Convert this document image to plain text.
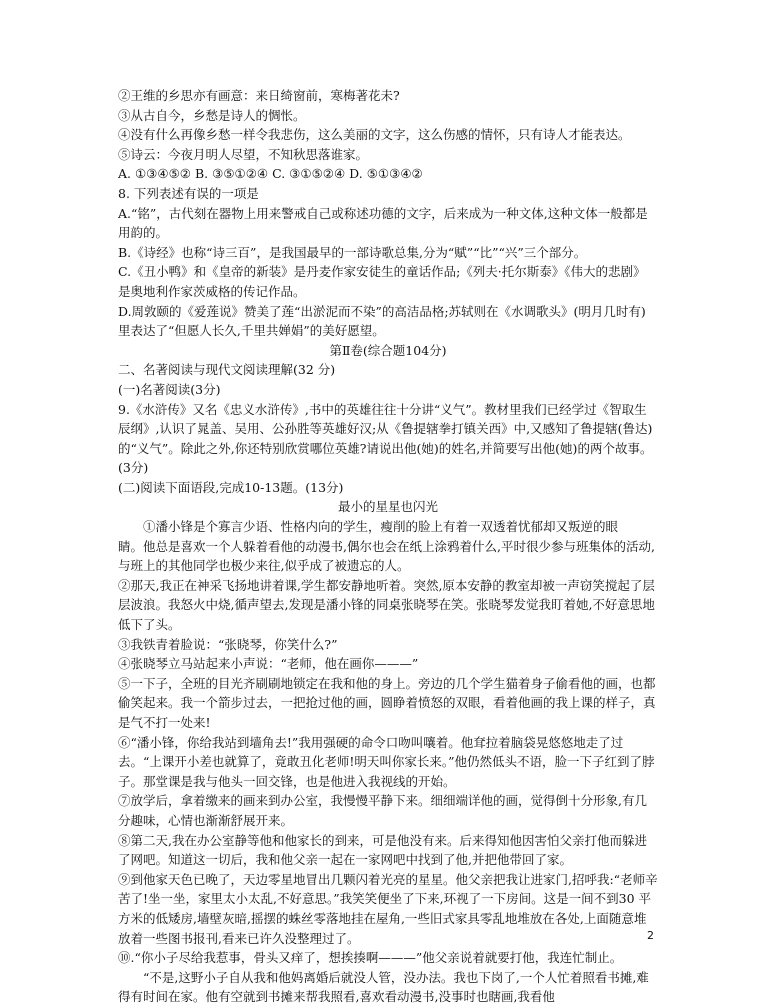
②王维的乡思亦有画意：来日绮窗前，寒梅著花未?

③从古自今，乡愁是诗人的惆怅。

④没有什么再像乡愁一样令我悲伤，这么美丽的文字，这么伤感的情怀，只有诗人才能表达。

⑤诗云：今夜月明人尽望，不知秋思落谁家。

A. ①③④⑤② B. ③⑤①②④ C. ③①⑤②④ D. ⑤①③④②

8. 下列表述有误的一项是

A.“铭”，古代刻在器物上用来警戒自己或称述功德的文字，后来成为一种文体,这种文体一般都是用韵的。

B.《诗经》也称“诗三百”，是我国最早的一部诗歌总集,分为“赋”“比”“兴”三个部分。

C.《丑小鸭》和《皇帝的新装》是丹麦作家安徒生的童话作品;《列夫·托尔斯泰》《伟大的悲剧》是奥地利作家茨威格的传记作品。

D.周敦颐的《爱莲说》赞美了莲“出淤泥而不染”的高洁品格;苏轼则在《水调歌头》(明月几时有)里表达了“但愿人长久,千里共婵娟”的美好愿望。

第Ⅱ卷(综合题104分)

二、名著阅读与现代文阅读理解(32 分)

(一)名著阅读(3分)

9.《水浒传》又名《忠义水浒传》,书中的英雄往往十分讲“义气”。教材里我们已经学过《智取生辰纲》,认识了晁盖、吴用、公孙胜等英雄好汉;从《鲁提辖拳打镇关西》中,又感知了鲁提辖(鲁达)的“义气”。除此之外,你还特别欣赏哪位英雄?请说出他(她)的姓名,并简要写出他(她)的两个故事。(3分)

(二)阅读下面语段,完成10-13题。(13分)

最小的星星也闪光

①潘小锋是个寡言少语、性格内向的学生，瘦削的脸上有着一双透着忧郁却又叛逆的眼

睛。他总是喜欢一个人躲着看他的动漫书,偶尔也会在纸上涂鸦着什么,平时很少参与班集体的活动,与班上的其他同学也极少来往,似乎成了被遗忘的人。

②那天,我正在神采飞扬地讲着课,学生都安静地听着。突然,原本安静的教室却被一声窃笑搅起了层层波浪。我怒火中烧,循声望去,发现是潘小锋的同桌张晓琴在笑。张晓琴发觉我盯着她,不好意思地低下了头。

③我铁青着脸说：“张晓琴，你笑什么?”

④张晓琴立马站起来小声说：“老师，他在画你———”

⑤一下子，全班的目光齐刷刷地锁定在我和他的身上。旁边的几个学生猫着身子偷看他的画，也都偷笑起来。我一个箭步过去，一把抢过他的画，圆睁着愤怒的双眼，看着他画的我上课的样子，真是气不打一处来!

⑥“潘小锋，你给我站到墙角去!”我用强硬的命令口吻叫嚷着。他耷拉着脑袋晃悠悠地走了过去。“上课开小差也就算了，竟敢丑化老师!明天叫你家长来。”他仍然低头不语，脸一下子红到了脖子。那堂课是我与他头一回交锋，也是他进入我视线的开始。

⑦放学后，拿着缴来的画来到办公室，我慢慢平静下来。细细端详他的画，觉得倒十分形象,有几分趣味，心情也渐渐舒展开来。

⑧第二天,我在办公室静等他和他家长的到来，可是他没有来。后来得知他因害怕父亲打他而躲进了网吧。知道这一切后，我和他父亲一起在一家网吧中找到了他,并把他带回了家。

⑨到他家天色已晚了，天边零星地冒出几颗闪着光亮的星星。他父亲把我让进家门,招呼我:“老师辛苦了!坐一坐，家里太小太乱,不好意思。”我笑笑便坐了下来,环视了一下房间。这是一间不到30 平方米的低矮房,墙壁灰暗,摇摆的蛛丝零落地挂在屋角,一些旧式家具零乱地堆放在各处,上面随意堆放着一些图书报刊,看来已许久没整理过了。

⑩.“你小子尽给我惹事，骨头又痒了，想挨揍啊———”他父亲说着就要打他，我连忙制止。

“不是,这野小子自从我和他妈离婚后就没人管，没办法。我也下岗了,一个人忙着照看书摊,难得有时间在家。他有空就到书摊来帮我照看,喜欢看动漫书,没事时也瞎画,我看他

2
